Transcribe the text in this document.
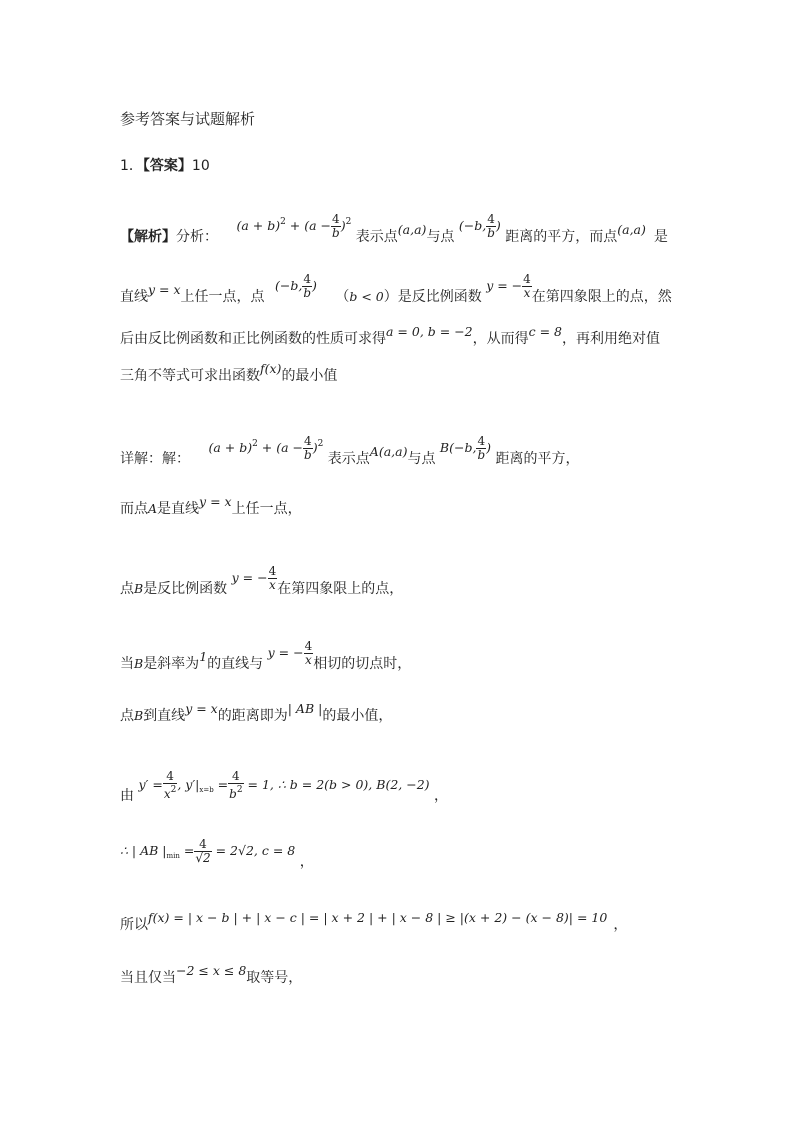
参考答案与试题解析
1．【答案】10
【解析】分析： $(a + b)^2 + (a - \frac{4}{b} )^2$ 表示点(a,a)与点 (−b, $\frac{4}{b}$ ) 距离的平方，而点(a,a) 是
直线y = x上任一点，点 (−b, $\frac{4}{b}$ ) （b < 0）是反比例函数 y = − $\frac{4}{x}$ 在第四象限上的点，然
后由反比例函数和正比例函数的性质可求得a = 0, b = −2，从而得c = 8，再利用绝对值
三角不等式可求出函数f(x)的最小值
详解：解： $(a + b)^2 + (a - \frac{4}{b} )^2$ 表示点A(a,a)与点 B(−b, $\frac{4}{b}$ ) 距离的平方，
而点A是直线y = x上任一点，
点B是反比例函数 y = − $\frac{4}{x}$ 在第四象限上的点，
当B是斜率为1的直线与 y = − $\frac{4}{x}$ 相切的切点时，
点B到直线y = x的距离即为| AB |的最小值，
由 $y' = \frac{4}{x^2}$ , $y'|_{x=b} = \frac{4}{b^2} = 1$, ∴ b = 2(b > 0), B(2, −2) ，
∴ | AB $|_{min} = \frac{4}{√2} = 2√2$, c = 8 ，
所以f(x) = | x − b | + | x − c | = | x + 2 | + | x − 8 | ≥ |(x + 2) − (x − 8)| = 10 ，
当且仅当−2 ≤ x ≤ 8取等号，
